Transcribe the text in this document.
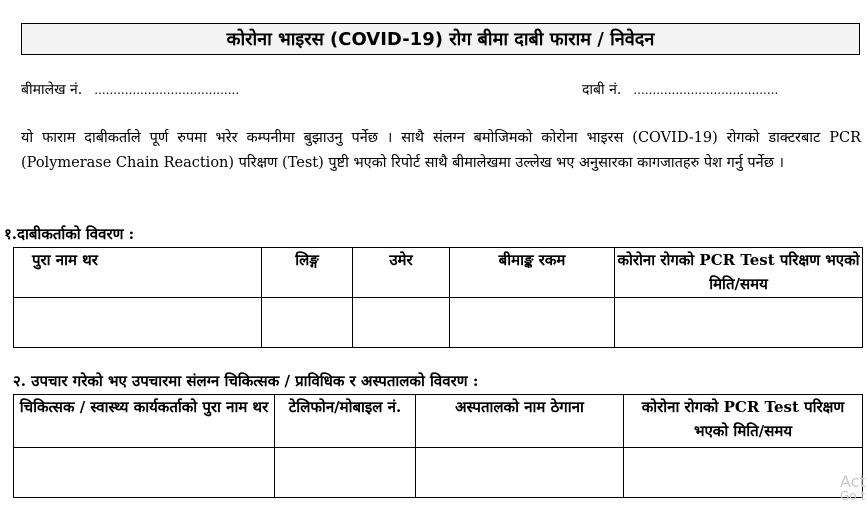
कोरोना भाइरस (COVID-19) रोग बीमा दाबी फाराम / निवेदन
बीमालेख नं. ......................................	दाबी नं. ......................................
यो फाराम दाबीकर्ताले पूर्ण रुपमा भरेर कम्पनीमा बुझाउनु पर्नेछ । साथै संलग्न बमोजिमको कोरोना भाइरस (COVID-19) रोगको डाक्टरबाट PCR (Polymerase Chain Reaction) परिक्षण (Test) पुष्टी भएको रिपोर्ट साथै बीमालेखमा उल्लेख भए अनुसारका कागजातहरु पेश गर्नु पर्नेछ ।
१.दाबीकर्ताको विवरण :
पुरा नाम थर	लिङ्ग	उमेर	बीमाङ्क रकम	कोरोना रोगको PCR Test परिक्षण भएको मिति/समय

२. उपचार गरेको भए उपचारमा संलग्न चिकित्सक / प्राविधिक र अस्पतालको विवरण :
चिकित्सक / स्वास्थ्य कार्यकर्ताको पुरा नाम थर	टेलिफोन/मोबाइल नं.	अस्पतालको नाम ठेगाना	कोरोना रोगको PCR Test परिक्षण भएको मिति/समय

Act
Go t
